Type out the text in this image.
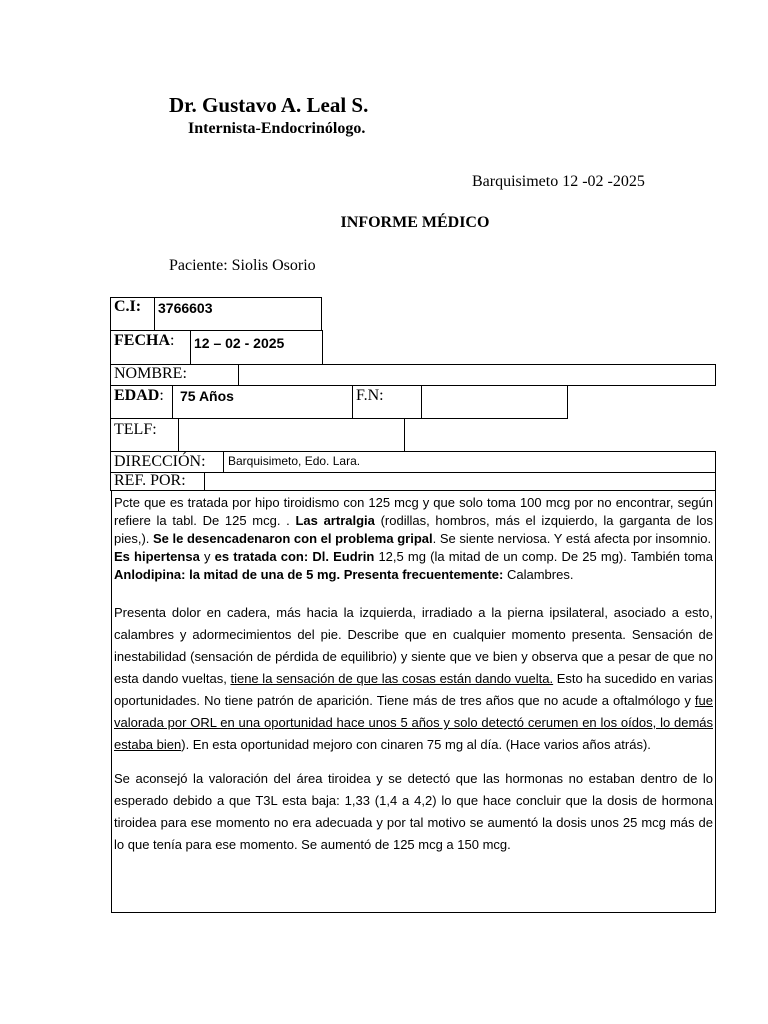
Dr. Gustavo A. Leal S.
Internista-Endocrinólogo.
Barquisimeto 12 -02 -2025
INFORME MÉDICO
Paciente: Siolis Osorio
C.I: 3766603
FECHA: 12 – 02 - 2025
NOMBRE:
EDAD: 75 Años	F.N:
TELF:
DIRECCIÓN: Barquisimeto, Edo. Lara.
REF. POR:

Pcte que es tratada por hipo tiroidismo con 125 mcg y que solo toma 100 mcg por no encontrar, según refiere la tabl. De 125 mcg. . Las artralgia (rodillas, hombros, más el izquierdo, la garganta de los pies,). Se le desencadenaron con el problema gripal. Se siente nerviosa. Y está afecta por insomnio.

Es hipertensa y es tratada con: Dl. Eudrin 12,5 mg (la mitad de un comp. De 25 mg). También toma Anlodipina: la mitad de una de 5 mg. Presenta frecuentemente: Calambres.

Presenta dolor en cadera, más hacia la izquierda, irradiado a la pierna ipsilateral, asociado a esto, calambres y adormecimientos del pie. Describe que en cualquier momento presenta. Sensación de inestabilidad (sensación de pérdida de equilibrio) y siente que ve bien y observa que a pesar de que no esta dando vueltas, tiene la sensación de que las cosas están dando vuelta. Esto ha sucedido en varias oportunidades. No tiene patrón de aparición. Tiene más de tres años que no acude a oftalmólogo y fue valorada por ORL en una oportunidad hace unos 5 años y solo detectó cerumen en los oídos, lo demás estaba bien). En esta oportunidad mejoro con cinaren 75 mg al día. (Hace varios años atrás).

Se aconsejó la valoración del área tiroidea y se detectó que las hormonas no estaban dentro de lo esperado debido a que T3L esta baja: 1,33 (1,4 a 4,2) lo que hace concluir que la dosis de hormona tiroidea para ese momento no era adecuada y por tal motivo se aumentó la dosis unos 25 mcg más de lo que tenía para ese momento. Se aumentó de 125 mcg a 150 mcg.
